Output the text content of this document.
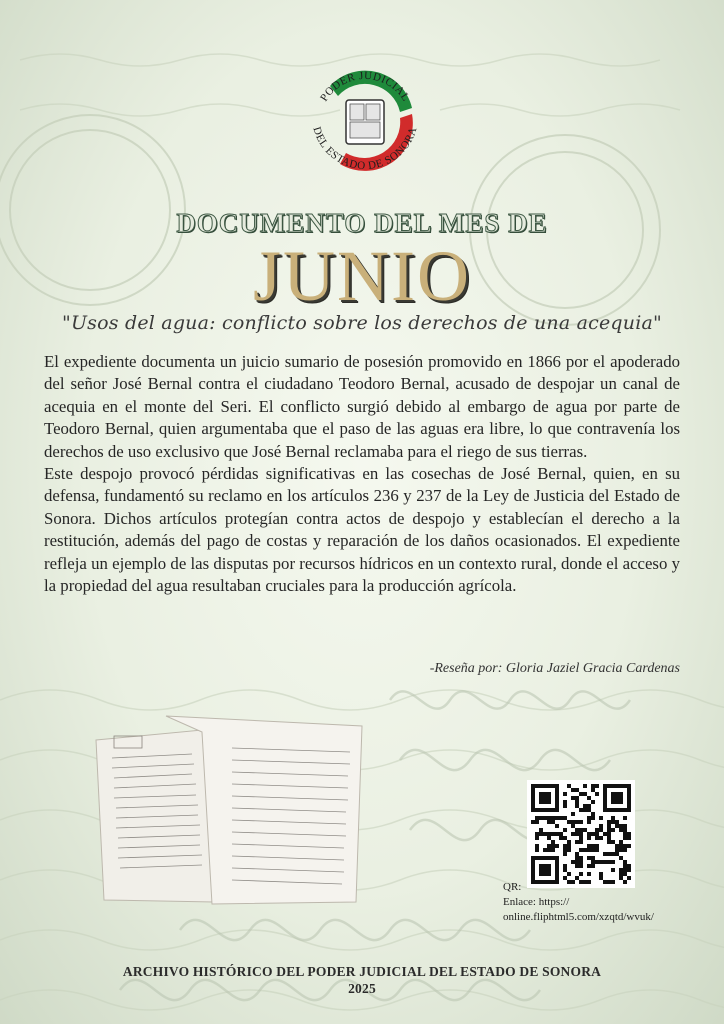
PODER JUDICIAL
DEL ESTADO DE SONORA
DOCUMENTO DEL MES DE
JUNIO
"Usos del agua: conflicto sobre los derechos de una acequia"

El expediente documenta un juicio sumario de posesión promovido en 1866 por el apoderado del señor José Bernal contra el ciudadano Teodoro Bernal, acusado de despojar un canal de acequia en el monte del Seri. El conflicto surgió debido al embargo de agua por parte de Teodoro Bernal, quien argumentaba que el paso de las aguas era libre, lo que contravenía los derechos de uso exclusivo que José Bernal reclamaba para el riego de sus tierras.

Este despojo provocó pérdidas significativas en las cosechas de José Bernal, quien, en su defensa, fundamentó su reclamo en los artículos 236 y 237 de la Ley de Justicia del Estado de Sonora. Dichos artículos protegían contra actos de despojo y establecían el derecho a la restitución, además del pago de costas y reparación de los daños ocasionados. El expediente refleja un ejemplo de las disputas por recursos hídricos en un contexto rural, donde el acceso y la propiedad del agua resultaban cruciales para la producción agrícola.

-Reseña por: Gloria Jaziel Gracia Cardenas
QR:
Enlace: https://
online.fliphtml5.com/xzqtd/wvuk/
ARCHIVO HISTÓRICO DEL PODER JUDICIAL DEL ESTADO DE SONORA
2025
